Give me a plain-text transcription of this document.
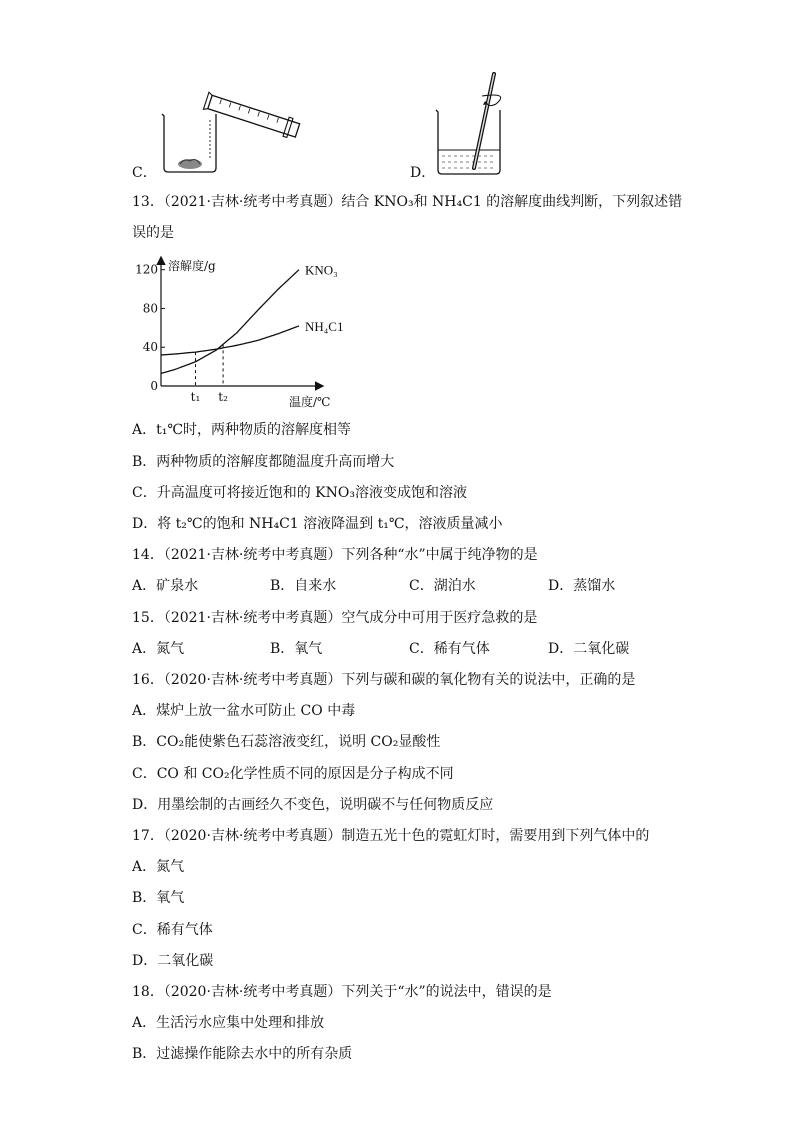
C．	D．
13．（2021·吉林·统考中考真题）结合 KNO₃和 NH₄C1 的溶解度曲线判断，下列叙述错
误的是
溶解度/g
温度/℃
120
80
40
0
KNO₃
NH₄C1
t₁ t₂
A．t₁℃时，两种物质的溶解度相等
B．两种物质的溶解度都随温度升高而增大
C．升高温度可将接近饱和的 KNO₃溶液变成饱和溶液
D．将 t₂℃的饱和 NH₄C1 溶液降温到 t₁℃，溶液质量减小
14．（2021·吉林·统考中考真题）下列各种“水”中属于纯净物的是
A．矿泉水	B．自来水	C．湖泊水	D．蒸馏水
15．（2021·吉林·统考中考真题）空气成分中可用于医疗急救的是
A．氮气	B．氧气	C．稀有气体	D．二氧化碳
16．（2020·吉林·统考中考真题）下列与碳和碳的氧化物有关的说法中，正确的是
A．煤炉上放一盆水可防止 CO 中毒
B．CO₂能使紫色石蕊溶液变红，说明 CO₂显酸性
C．CO 和 CO₂化学性质不同的原因是分子构成不同
D．用墨绘制的古画经久不变色，说明碳不与任何物质反应
17．（2020·吉林·统考中考真题）制造五光十色的霓虹灯时，需要用到下列气体中的
A．氮气
B．氧气
C．稀有气体
D．二氧化碳
18．（2020·吉林·统考中考真题）下列关于“水”的说法中，错误的是
A．生活污水应集中处理和排放
B．过滤操作能除去水中的所有杂质
